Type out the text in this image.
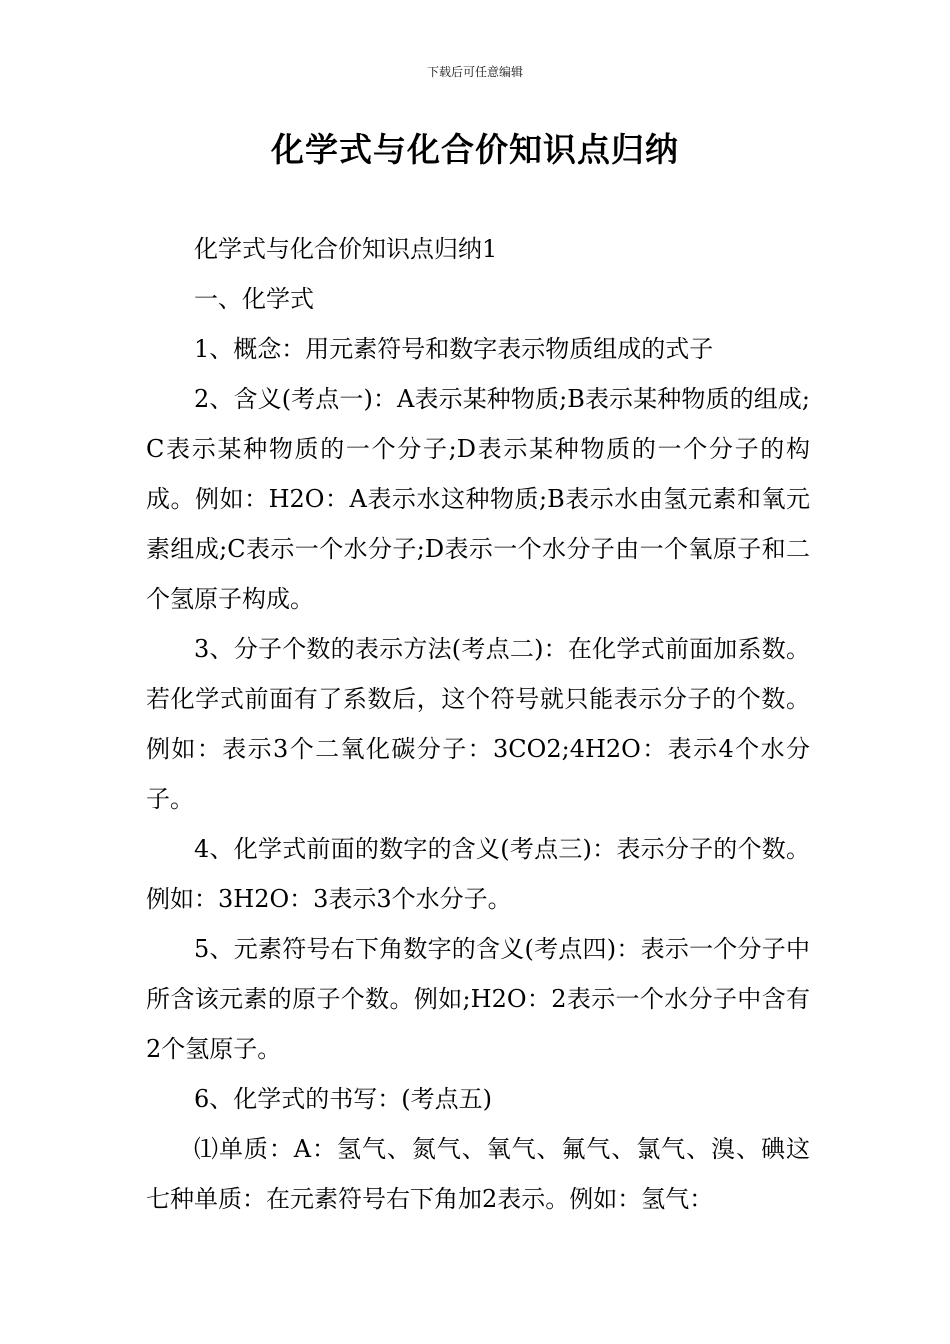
下载后可任意编辑
化学式与化合价知识点归纳

化学式与化合价知识点归纳1

一、化学式

1、概念：用元素符号和数字表示物质组成的式子

2、含义(考点一)：A表示某种物质;B表示某种物质的组成;C表示某种物质的一个分子;D表示某种物质的一个分子的构成。例如：H2O：A表示水这种物质;B表示水由氢元素和氧元素组成;C表示一个水分子;D表示一个水分子由一个氧原子和二个氢原子构成。

3、分子个数的表示方法(考点二)：在化学式前面加系数。若化学式前面有了系数后，这个符号就只能表示分子的个数。例如：表示3个二氧化碳分子：3CO2;4H2O：表示4个水分子。

4、化学式前面的数字的含义(考点三)：表示分子的个数。例如：3H2O：3表示3个水分子。

5、元素符号右下角数字的含义(考点四)：表示一个分子中所含该元素的原子个数。例如;H2O：2表示一个水分子中含有2个氢原子。

6、化学式的书写：(考点五)

⑴单质：A：氢气、氮气、氧气、氟气、氯气、溴、碘这七种单质：在元素符号右下角加2表示。例如：氢气：
